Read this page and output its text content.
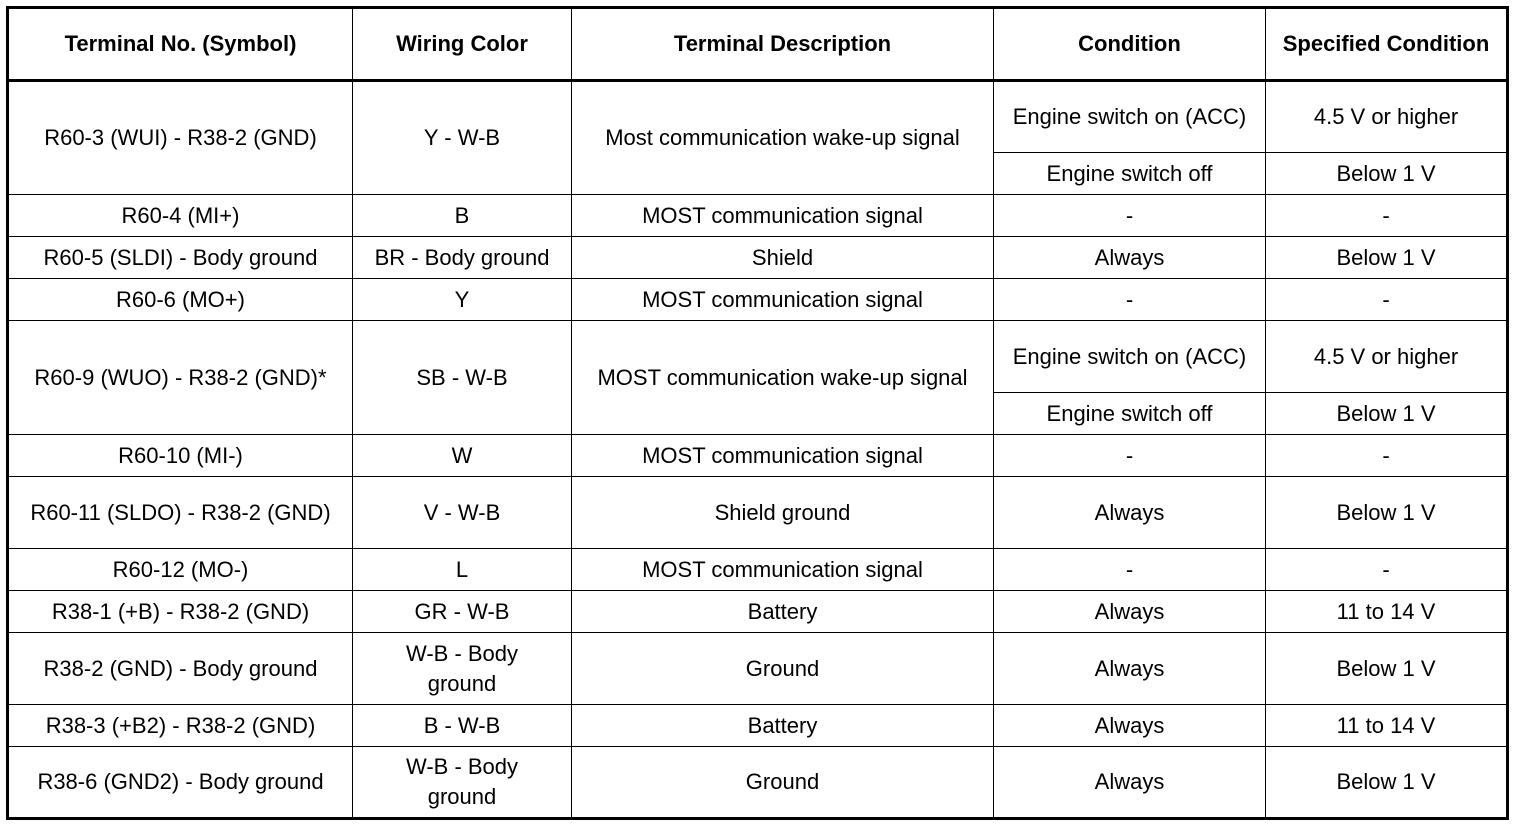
Terminal No. (Symbol)	Wiring Color	Terminal Description	Condition	Specified Condition
R60-3 (WUI) - R38-2 (GND)	Y - W-B	Most communication wake-up signal	Engine switch on (ACC)	4.5 V or higher
			Engine switch off	Below 1 V
R60-4 (MI+)	B	MOST communication signal	-	-
R60-5 (SLDI) - Body ground	BR - Body ground	Shield	Always	Below 1 V
R60-6 (MO+)	Y	MOST communication signal	-	-
R60-9 (WUO) - R38-2 (GND)*	SB - W-B	MOST communication wake-up signal	Engine switch on (ACC)	4.5 V or higher
			Engine switch off	Below 1 V
R60-10 (MI-)	W	MOST communication signal	-	-
R60-11 (SLDO) - R38-2 (GND)	V - W-B	Shield ground	Always	Below 1 V
R60-12 (MO-)	L	MOST communication signal	-	-
R38-1 (+B) - R38-2 (GND)	GR - W-B	Battery	Always	11 to 14 V
R38-2 (GND) - Body ground	W-B - Body ground	Ground	Always	Below 1 V
R38-3 (+B2) - R38-2 (GND)	B - W-B	Battery	Always	11 to 14 V
R38-6 (GND2) - Body ground	W-B - Body ground	Ground	Always	Below 1 V
